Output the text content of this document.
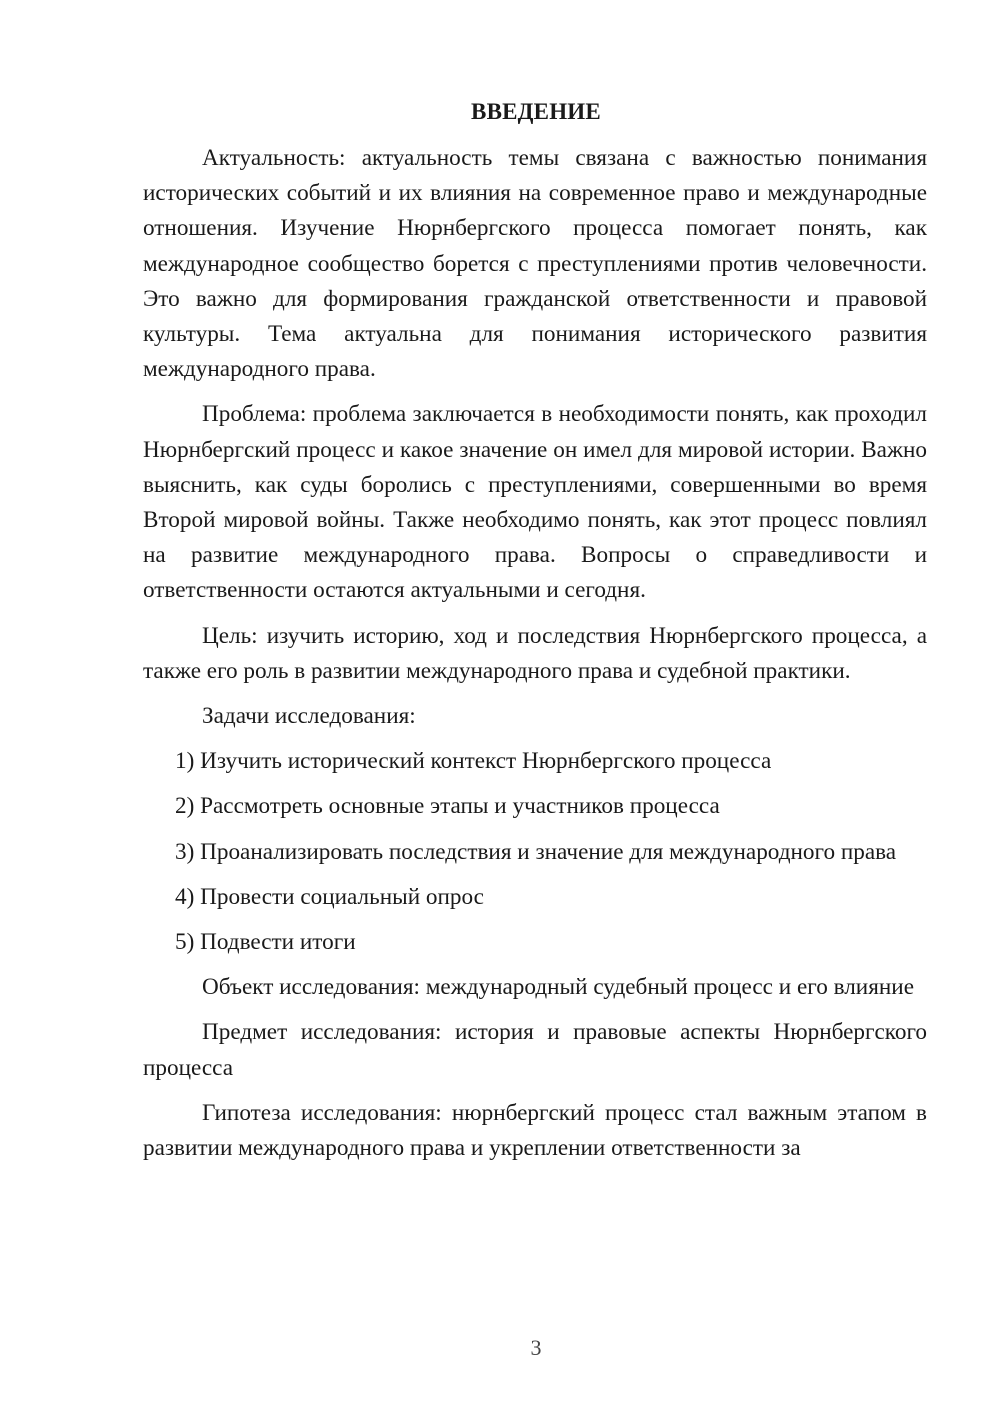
ВВЕДЕНИЕ

Актуальность: актуальность темы связана с важностью понимания исторических событий и их влияния на современное право и международные отношения. Изучение Нюрнбергского процесса помогает понять, как международное сообщество борется с преступлениями против человечности. Это важно для формирования гражданской ответственности и правовой культуры. Тема актуальна для понимания исторического развития международного права.

Проблема: проблема заключается в необходимости понять, как проходил Нюрнбергский процесс и какое значение он имел для мировой истории. Важно выяснить, как суды боролись с преступлениями, совершенными во время Второй мировой войны. Также необходимо понять, как этот процесс повлиял на развитие международного права. Вопросы о справедливости и ответственности остаются актуальными и сегодня.

Цель: изучить историю, ход и последствия Нюрнбергского процесса, а также его роль в развитии международного права и судебной практики.

Задачи исследования:

1) Изучить исторический контекст Нюрнбергского процесса

2) Рассмотреть основные этапы и участников процесса

3) Проанализировать последствия и значение для международного права

4) Провести социальный опрос

5) Подвести итоги

Объект исследования: международный судебный процесс и его влияние

Предмет исследования: история и правовые аспекты Нюрнбергского процесса

Гипотеза исследования: нюрнбергский процесс стал важным этапом в развитии международного права и укреплении ответственности за

3
